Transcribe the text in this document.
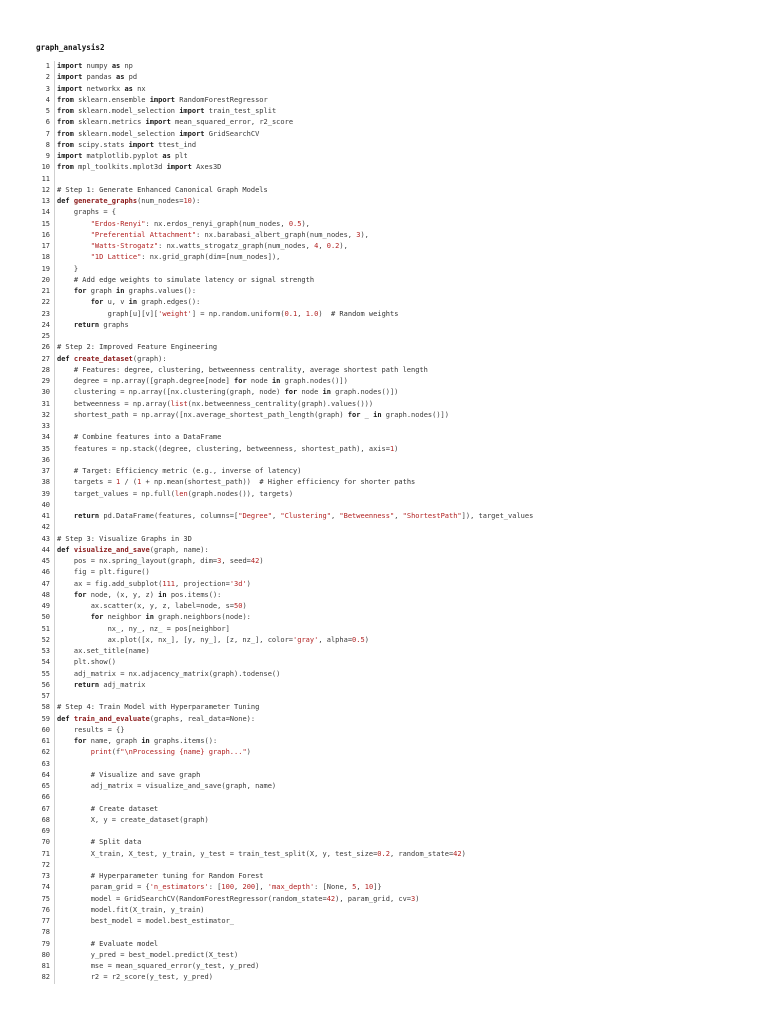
graph_analysis2
1 import numpy as np
2 import pandas as pd
3 import networkx as nx
4 from sklearn.ensemble import RandomForestRegressor
5 from sklearn.model_selection import train_test_split
6 from sklearn.metrics import mean_squared_error, r2_score
7 from sklearn.model_selection import GridSearchCV
8 from scipy.stats import ttest_ind
9 import matplotlib.pyplot as plt
10 from mpl_toolkits.mplot3d import Axes3D
11
12 # Step 1: Generate Enhanced Canonical Graph Models
13 def generate_graphs(num_nodes=10):
14 graphs = {
15	"Erdos-Renyi": nx.erdos_renyi_graph(num_nodes, 0.5),
16	"Preferential Attachment": nx.barabasi_albert_graph(num_nodes, 3),
17	"Watts-Strogatz": nx.watts_strogatz_graph(num_nodes, 4, 0.2),
18	"1D Lattice": nx.grid_graph(dim=[num_nodes]),
19 }
20	# Add edge weights to simulate latency or signal strength
21	for graph in graphs.values():
22	for u, v in graph.edges():
23 graph[u][v]['weight'] = np.random.uniform(0.1, 1.0)  # Random weights
24	return graphs
25
26 # Step 2: Improved Feature Engineering
27 def create_dataset(graph):
28	# Features: degree, clustering, betweenness centrality, average shortest path length
29 degree = np.array([graph.degree[node] for node in graph.nodes()])
30 clustering = np.array([nx.clustering(graph, node) for node in graph.nodes()])
31 betweenness = np.array(list(nx.betweenness_centrality(graph).values()))
32 shortest_path = np.array([nx.average_shortest_path_length(graph) for _ in graph.nodes()])
33
34	# Combine features into a DataFrame
35 features = np.stack((degree, clustering, betweenness, shortest_path), axis=1)
36
37	# Target: Efficiency metric (e.g., inverse of latency)
38 targets = 1 / (1 + np.mean(shortest_path))  # Higher efficiency for shorter paths
39 target_values = np.full(len(graph.nodes()), targets)
40
41	return pd.DataFrame(features, columns=["Degree", "Clustering", "Betweenness", "ShortestPath"]), target_values
42
43 # Step 3: Visualize Graphs in 3D
44 def visualize_and_save(graph, name):
45 pos = nx.spring_layout(graph, dim=3, seed=42)
46 fig = plt.figure()
47 ax = fig.add_subplot(111, projection='3d')
48	for node, (x, y, z) in pos.items():
49 ax.scatter(x, y, z, label=node, s=50)
50	for neighbor in graph.neighbors(node):
51 nx_, ny_, nz_ = pos[neighbor]
52 ax.plot([x, nx_], [y, ny_], [z, nz_], color='gray', alpha=0.5)
53 ax.set_title(name)
54 plt.show()
55 adj_matrix = nx.adjacency_matrix(graph).todense()
56	return adj_matrix
57
58 # Step 4: Train Model with Hyperparameter Tuning
59 def train_and_evaluate(graphs, real_data=None):
60 results = {}
61	for name, graph in graphs.items():
62	print(f"\nProcessing {name} graph...")
63
64	# Visualize and save graph
65 adj_matrix = visualize_and_save(graph, name)
66
67	# Create dataset
68 X, y = create_dataset(graph)
69
70	# Split data
71 X_train, X_test, y_train, y_test = train_test_split(X, y, test_size=0.2, random_state=42)
72
73	# Hyperparameter tuning for Random Forest
74 param_grid = {'n_estimators': [100, 200], 'max_depth': [None, 5, 10]}
75 model = GridSearchCV(RandomForestRegressor(random_state=42), param_grid, cv=3)
76 model.fit(X_train, y_train)
77 best_model = model.best_estimator_
78
79	# Evaluate model
80 y_pred = best_model.predict(X_test)
81 mse = mean_squared_error(y_test, y_pred)
82 r2 = r2_score(y_test, y_pred)
